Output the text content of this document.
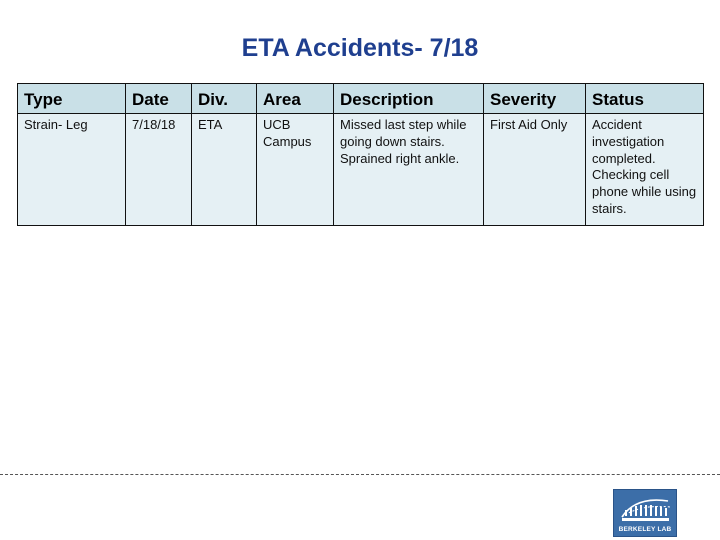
ETA Accidents- 7/18
Type	Date	Div.	Area	Description	Severity	Status
Strain- Leg	7/18/18	ETA	UCB Campus	Missed last step while going down stairs. Sprained right ankle.	First Aid Only	Accident investigation completed. Checking cell phone while using stairs.
BERKELEY LAB
